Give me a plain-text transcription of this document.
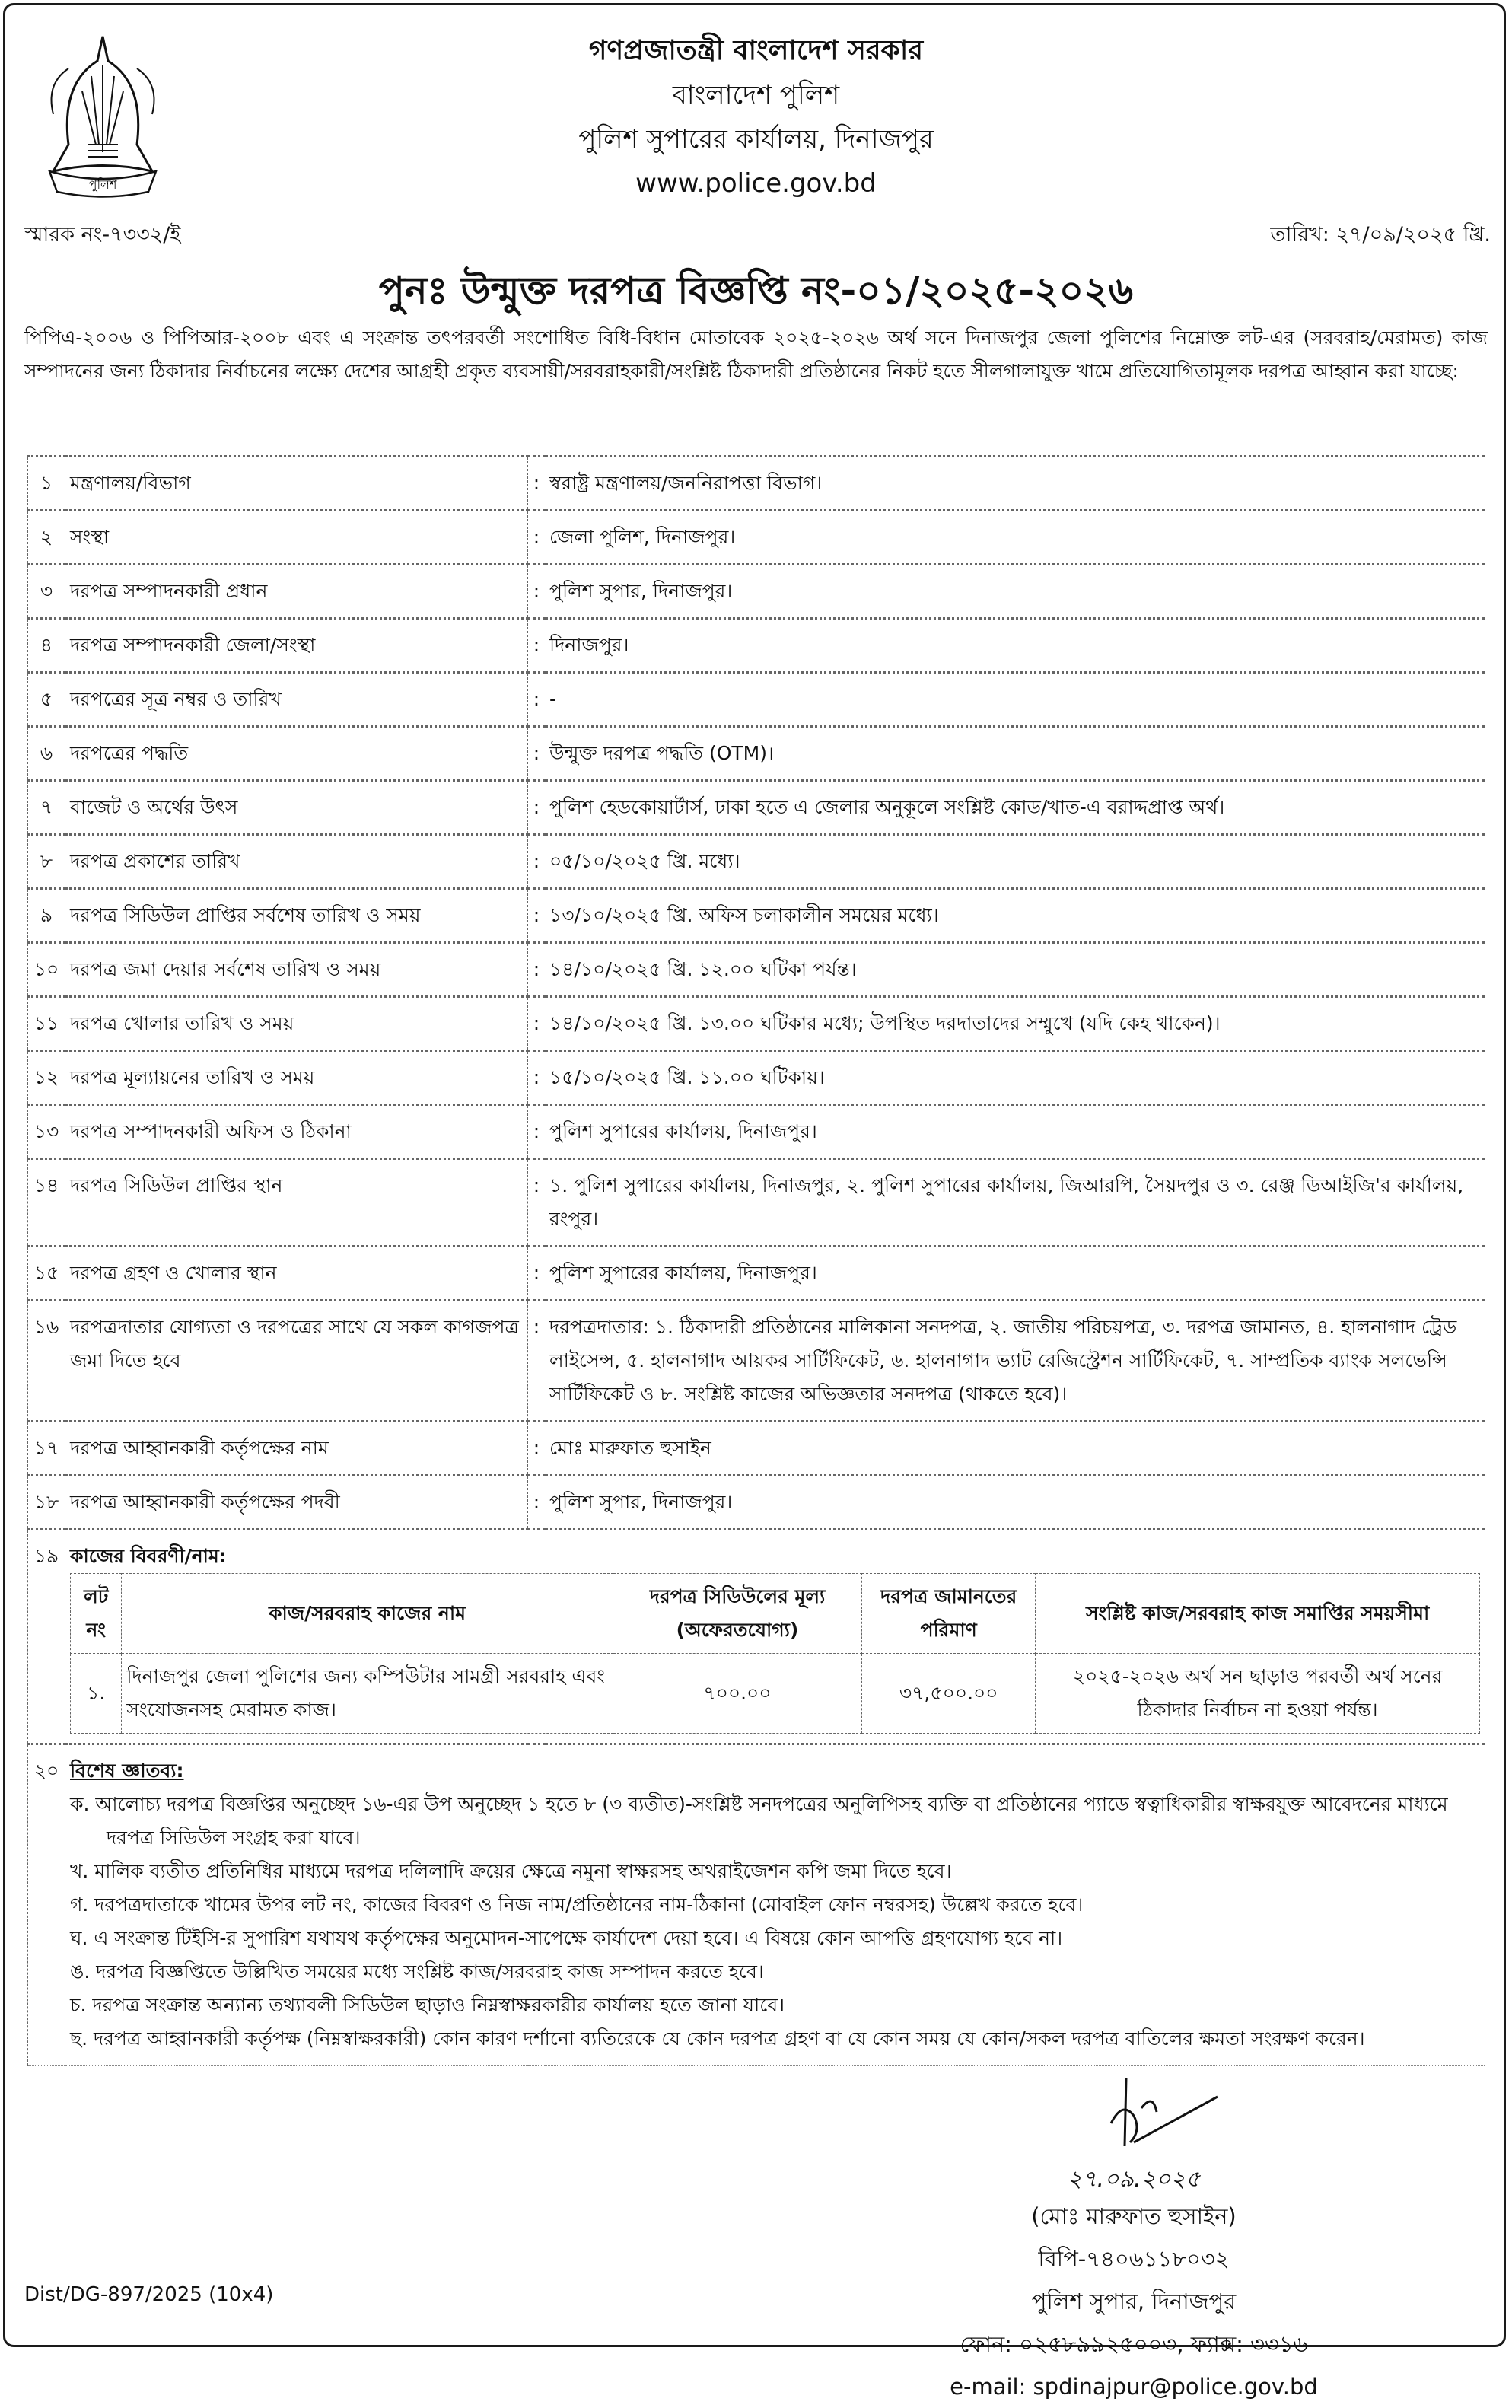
পুলিশ
গণপ্রজাতন্ত্রী বাংলাদেশ সরকার
বাংলাদেশ পুলিশ
পুলিশ সুপারের কার্যালয়, দিনাজপুর
www.police.gov.bd
স্মারক নং-৭৩৩২/ই	তারিখ: ২৭/০৯/২০২৫ খ্রি.
পুনঃ উন্মুক্ত দরপত্র বিজ্ঞপ্তি নং-০১/২০২৫-২০২৬
পিপিএ-২০০৬ ও পিপিআর-২০০৮ এবং এ সংক্রান্ত তৎপরবর্তী সংশোধিত বিধি-বিধান মোতাবেক ২০২৫-২০২৬ অর্থ সনে দিনাজপুর জেলা পুলিশের নিম্নোক্ত লট-এর (সরবরাহ/মেরামত) কাজ সম্পাদনের জন্য ঠিকাদার নির্বাচনের লক্ষ্যে দেশের আগ্রহী প্রকৃত ব্যবসায়ী/সরবরাহকারী/সংশ্লিষ্ট ঠিকাদারী প্রতিষ্ঠানের নিকট হতে সীলগালাযুক্ত খামে প্রতিযোগিতামূলক দরপত্র আহ্বান করা যাচ্ছে:
১	মন্ত্রণালয়/বিভাগ	:	স্বরাষ্ট্র মন্ত্রণালয়/জননিরাপত্তা বিভাগ।
২	সংস্থা	:	জেলা পুলিশ, দিনাজপুর।
৩	দরপত্র সম্পাদনকারী প্রধান	:	পুলিশ সুপার, দিনাজপুর।
৪	দরপত্র সম্পাদনকারী জেলা/সংস্থা	:	দিনাজপুর।
৫	দরপত্রের সূত্র নম্বর ও তারিখ	:	-
৬	দরপত্রের পদ্ধতি	:	উন্মুক্ত দরপত্র পদ্ধতি (OTM)।
৭	বাজেট ও অর্থের উৎস	:	পুলিশ হেডকোয়ার্টার্স, ঢাকা হতে এ জেলার অনুকূলে সংশ্লিষ্ট কোড/খাত-এ বরাদ্দপ্রাপ্ত অর্থ।
৮	দরপত্র প্রকাশের তারিখ	:	০৫/১০/২০২৫ খ্রি. মধ্যে।
৯	দরপত্র সিডিউল প্রাপ্তির সর্বশেষ তারিখ ও সময়	:	১৩/১০/২০২৫ খ্রি. অফিস চলাকালীন সময়ের মধ্যে।
১০	দরপত্র জমা দেয়ার সর্বশেষ তারিখ ও সময়	:	১৪/১০/২০২৫ খ্রি. ১২.০০ ঘটিকা পর্যন্ত।
১১	দরপত্র খোলার তারিখ ও সময়	:	১৪/১০/২০২৫ খ্রি. ১৩.০০ ঘটিকার মধ্যে; উপস্থিত দরদাতাদের সম্মুখে (যদি কেহ থাকেন)।
১২	দরপত্র মূল্যায়নের তারিখ ও সময়	:	১৫/১০/২০২৫ খ্রি. ১১.০০ ঘটিকায়।
১৩	দরপত্র সম্পাদনকারী অফিস ও ঠিকানা	:	পুলিশ সুপারের কার্যালয়, দিনাজপুর।
১৪	দরপত্র সিডিউল প্রাপ্তির স্থান	:	১. পুলিশ সুপারের কার্যালয়, দিনাজপুর, ২. পুলিশ সুপারের কার্যালয়, জিআরপি, সৈয়দপুর ও ৩. রেঞ্জ ডিআইজি'র কার্যালয়, রংপুর।
১৫	দরপত্র গ্রহণ ও খোলার স্থান	:	পুলিশ সুপারের কার্যালয়, দিনাজপুর।
১৬	দরপত্রদাতার যোগ্যতা ও দরপত্রের সাথে যে সকল কাগজপত্র জমা দিতে হবে	:	দরপত্রদাতার: ১. ঠিকাদারী প্রতিষ্ঠানের মালিকানা সনদপত্র, ২. জাতীয় পরিচয়পত্র, ৩. দরপত্র জামানত, ৪. হালনাগাদ ট্রেড লাইসেন্স, ৫. হালনাগাদ আয়কর সার্টিফিকেট, ৬. হালনাগাদ ভ্যাট রেজিস্ট্রেশন সার্টিফিকেট, ৭. সাম্প্রতিক ব্যাংক সলভেন্সি সার্টিফিকেট ও ৮. সংশ্লিষ্ট কাজের অভিজ্ঞতার সনদপত্র (থাকতে হবে)।
১৭	দরপত্র আহ্বানকারী কর্তৃপক্ষের নাম	:	মোঃ মারুফাত হুসাইন
১৮	দরপত্র আহ্বানকারী কর্তৃপক্ষের পদবী	:	পুলিশ সুপার, দিনাজপুর।
১৯	কাজের বিবরণী/নাম:
লট নং	কাজ/সরবরাহ কাজের নাম	দরপত্র সিডিউলের মূল্য (অফেরতযোগ্য)	দরপত্র জামানতের পরিমাণ	সংশ্লিষ্ট কাজ/সরবরাহ কাজ সমাপ্তির সময়সীমা
১.	দিনাজপুর জেলা পুলিশের জন্য কম্পিউটার সামগ্রী সরবরাহ এবং সংযোজনসহ মেরামত কাজ।	৭০০.০০	৩৭,৫০০.০০	২০২৫-২০২৬ অর্থ সন ছাড়াও পরবর্তী অর্থ সনের ঠিকাদার নির্বাচন না হওয়া পর্যন্ত।

২০	বিশেষ জ্ঞাতব্য:
ক. আলোচ্য দরপত্র বিজ্ঞপ্তির অনুচ্ছেদ ১৬-এর উপ অনুচ্ছেদ ১ হতে ৮ (৩ ব্যতীত)-সংশ্লিষ্ট সনদপত্রের অনুলিপিসহ ব্যক্তি বা প্রতিষ্ঠানের প্যাডে স্বত্বাধিকারীর স্বাক্ষরযুক্ত আবেদনের মাধ্যমে দরপত্র সিডিউল সংগ্রহ করা যাবে।
খ. মালিক ব্যতীত প্রতিনিধির মাধ্যমে দরপত্র দলিলাদি ক্রয়ের ক্ষেত্রে নমুনা স্বাক্ষরসহ অথরাইজেশন কপি জমা দিতে হবে।
গ. দরপত্রদাতাকে খামের উপর লট নং, কাজের বিবরণ ও নিজ নাম/প্রতিষ্ঠানের নাম-ঠিকানা (মোবাইল ফোন নম্বরসহ) উল্লেখ করতে হবে।
ঘ. এ সংক্রান্ত টিইসি-র সুপারিশ যথাযথ কর্তৃপক্ষের অনুমোদন-সাপেক্ষে কার্যাদেশ দেয়া হবে। এ বিষয়ে কোন আপত্তি গ্রহণযোগ্য হবে না।
ঙ. দরপত্র বিজ্ঞপ্তিতে উল্লিখিত সময়ের মধ্যে সংশ্লিষ্ট কাজ/সরবরাহ কাজ সম্পাদন করতে হবে।
চ. দরপত্র সংক্রান্ত অন্যান্য তথ্যাবলী সিডিউল ছাড়াও নিম্নস্বাক্ষরকারীর কার্যালয় হতে জানা যাবে।
ছ. দরপত্র আহ্বানকারী কর্তৃপক্ষ (নিম্নস্বাক্ষরকারী) কোন কারণ দর্শানো ব্যতিরেকে যে কোন দরপত্র গ্রহণ বা যে কোন সময় যে কোন/সকল দরপত্র বাতিলের ক্ষমতা সংরক্ষণ করেন।
২৭.০৯.২০২৫
(মোঃ মারুফাত হুসাইন)
বিপি-৭৪০৬১১৮০৩২
পুলিশ সুপার, দিনাজপুর
ফোন: ০২৫৮৯৯২৫০০৩, ফ্যাক্স: ৩৩১৬
e-mail: spdinajpur@police.gov.bd
Dist/DG-897/2025 (10x4)
